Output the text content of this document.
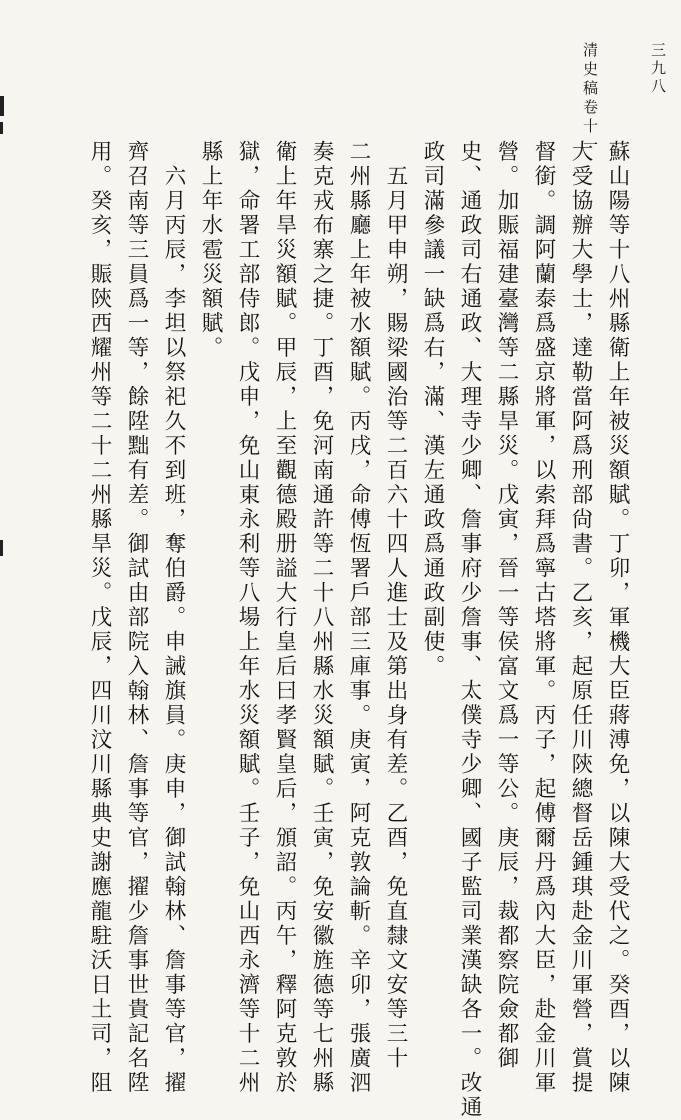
清史稿卷十一	三九八
蘇山陽等十八州縣衛上年被災額賦。丁卯，軍機大臣蔣溥免，以陳大受代之。癸酉，以陳
大受協辦大學士，達勒當阿爲刑部尙書。乙亥，起原任川陝總督岳鍾琪赴金川軍營，賞提
督銜。調阿蘭泰爲盛京將軍，以索拜爲寧古塔將軍。丙子，起傅爾丹爲內大臣，赴金川軍
營。加賑福建臺灣等二縣旱災。戊寅，晉一等侯富文爲一等公。庚辰，裁都察院僉都御
史、通政司右通政、大理寺少卿、詹事府少詹事、太僕寺少卿、國子監司業漢缺各一。改通
政司滿參議一缺爲右，滿、漢左通政爲通政副使。
　五月甲申朔，賜梁國治等二百六十四人進士及第出身有差。乙酉，免直隸文安等三十
二州縣廳上年被水額賦。丙戌，命傅恆署戶部三庫事。庚寅，阿克敦論斬。辛卯，張廣泗
奏克戎布寨之捷。丁酉，免河南通許等二十八州縣水災額賦。壬寅，免安徽旌德等七州縣
衛上年旱災額賦。甲辰，上至觀德殿册謚大行皇后曰孝賢皇后，頒詔。丙午，釋阿克敦於
獄，命署工部侍郎。戊申，免山東永利等八場上年水災額賦。壬子，免山西永濟等十二州
縣上年水雹災額賦。
　六月丙辰，李坦以祭祀久不到班，奪伯爵。申誡旗員。庚申，御試翰林、詹事等官，擢
齊召南等三員爲一等，餘陞黜有差。御試由部院入翰林、詹事等官，擢少詹事世貴記名陞
用。癸亥，賑陝西耀州等二十二州縣旱災。戊辰，四川汶川縣典史謝應龍駐沃日土司，阻
